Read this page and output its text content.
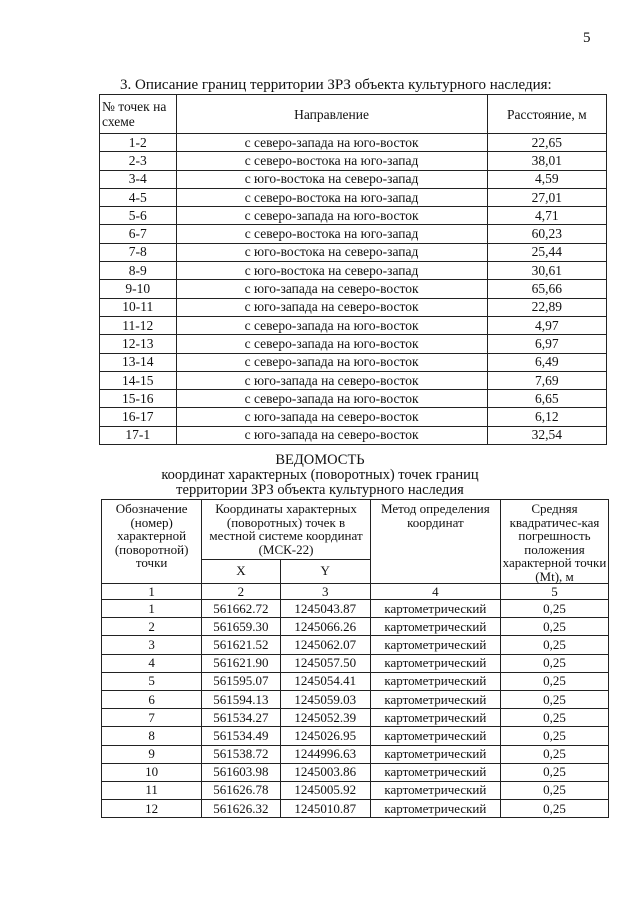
5
3. Описание границ территории ЗРЗ объекта культурного наследия:
№ точек на схеме	Направление	Расстояние, м
1-2	с северо-запада на юго-восток	22,65
2-3	с северо-востока на юго-запад	38,01
3-4	с юго-востока на северо-запад	4,59
4-5	с северо-востока на юго-запад	27,01
5-6	с северо-запада на юго-восток	4,71
6-7	с северо-востока на юго-запад	60,23
7-8	с юго-востока на северо-запад	25,44
8-9	с юго-востока на северо-запад	30,61
9-10	с юго-запада на северо-восток	65,66
10-11	с юго-запада на северо-восток	22,89
11-12	с северо-запада на юго-восток	4,97
12-13	с северо-запада на юго-восток	6,97
13-14	с северо-запада на юго-восток	6,49
14-15	с юго-запада на северо-восток	7,69
15-16	с северо-запада на юго-восток	6,65
16-17	с юго-запада на северо-восток	6,12
17-1	с юго-запада на северо-восток	32,54
ВЕДОМОСТЬ
координат характерных (поворотных) точек границ
территории ЗРЗ объекта культурного наследия
Обозначение (номер) характерной (поворотной) точки	Координаты характерных (поворотных) точек в местной системе координат (МСК-22)		Метод определения координат	Средняя квадратичес-кая погрешность положения характерной точки (Mt), м
	X	Y		
1	2	3	4	5
1	561662.72	1245043.87	картометрический	0,25
2	561659.30	1245066.26	картометрический	0,25
3	561621.52	1245062.07	картометрический	0,25
4	561621.90	1245057.50	картометрический	0,25
5	561595.07	1245054.41	картометрический	0,25
6	561594.13	1245059.03	картометрический	0,25
7	561534.27	1245052.39	картометрический	0,25
8	561534.49	1245026.95	картометрический	0,25
9	561538.72	1244996.63	картометрический	0,25
10	561603.98	1245003.86	картометрический	0,25
11	561626.78	1245005.92	картометрический	0,25
12	561626.32	1245010.87	картометрический	0,25
